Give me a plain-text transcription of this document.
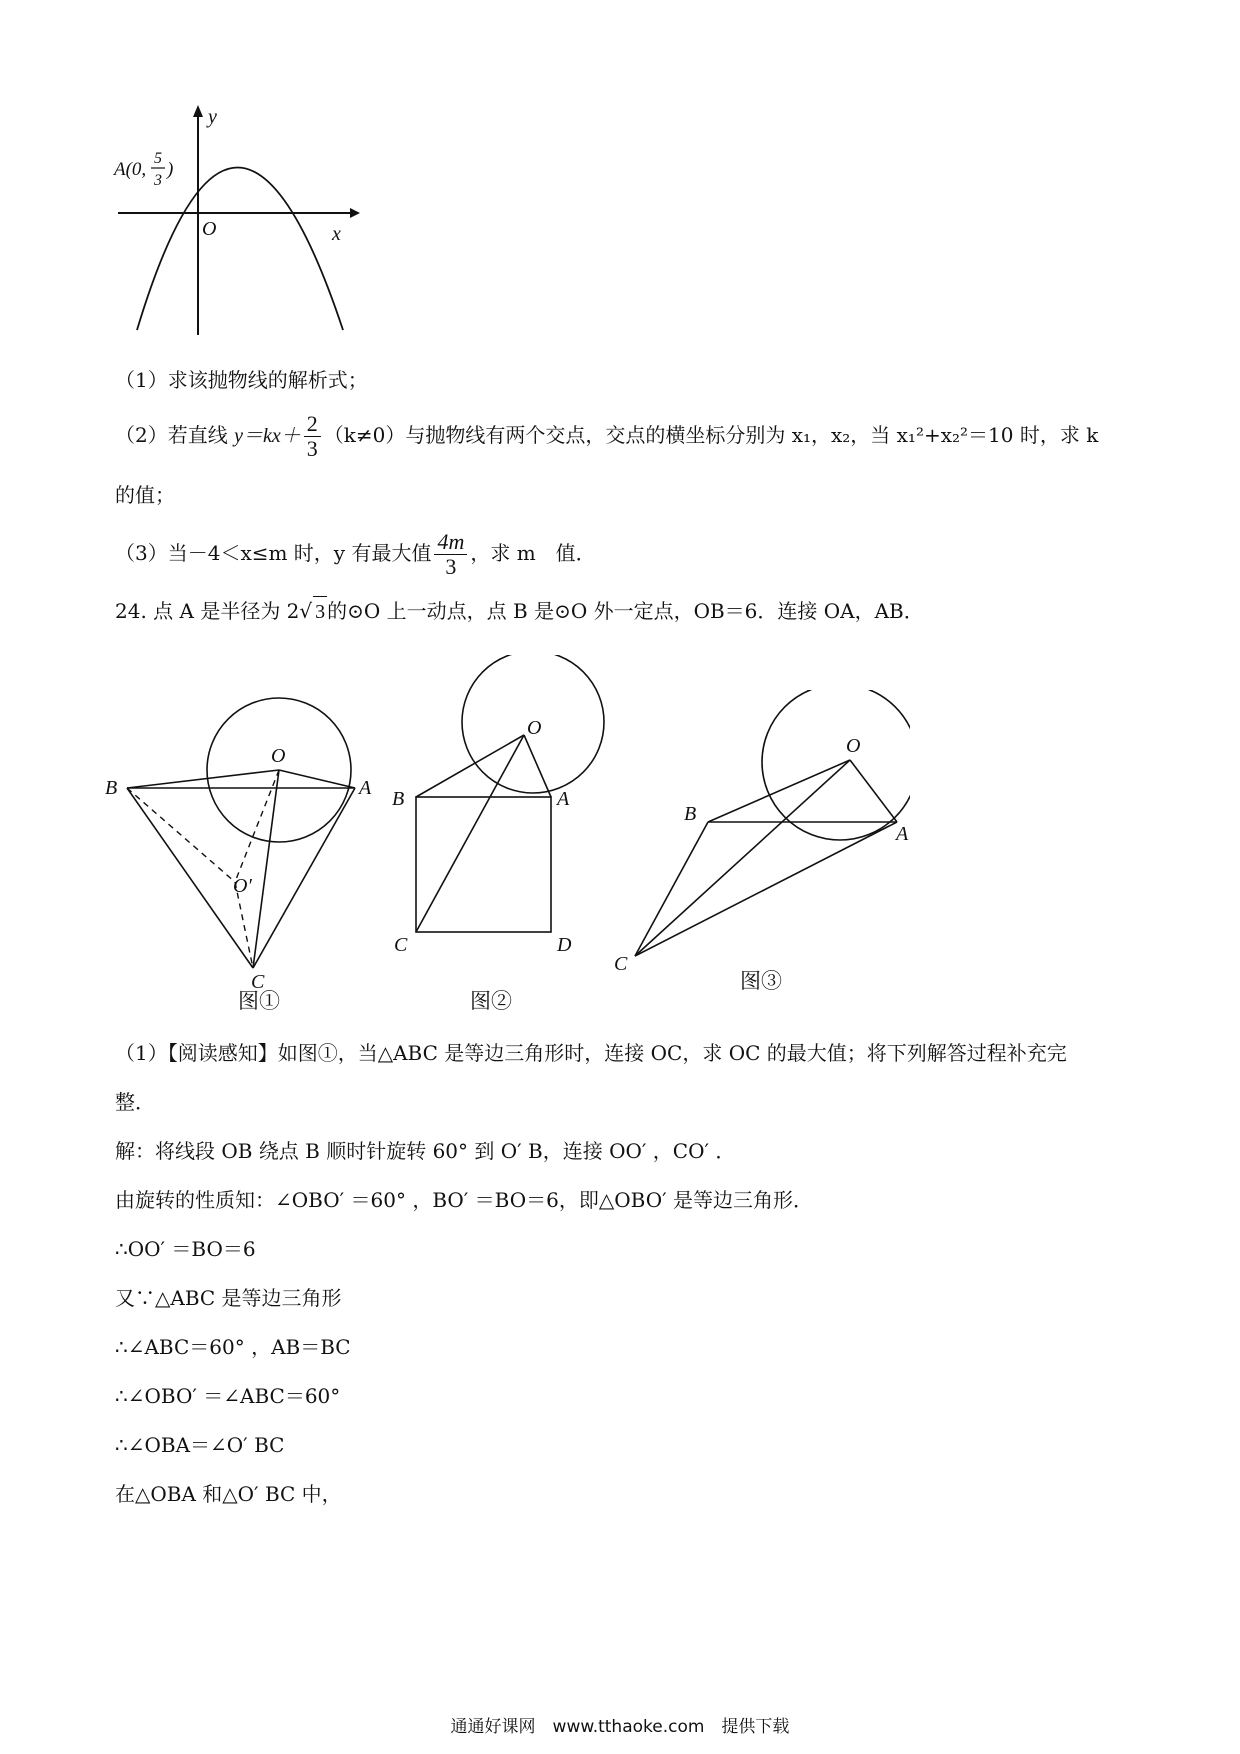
y
x
O
A(0,
5
3
)
（1）求该抛物线的解析式；
（2）若直线 $y=kx+ \frac{2}{3} (k\ne 0)$与抛物线有两个交点，交点的横坐标分别为 x₁，x₂，当 x₁²+x₂²＝10 时，求 k
的值；
（3）当－4＜x≤m 时，y 有最大值 $\frac{4m}{3}$ ，求 m　值．
24. 点 A 是半径为 2√ 3 的⊙O 上一动点，点 B 是⊙O 外一定点，OB＝6．连接 OA，AB．
O
B	A
C
O′
图①
O
B	A
C	D
图②
O
B
A
C
图③
（1）【阅读感知】如图①，当△ABC 是等边三角形时，连接 OC，求 OC 的最大值；将下列解答过程补充完
整．
解：将线段 OB 绕点 B 顺时针旋转 60° 到 O′ B，连接 OO′ ，CO′ ．
由旋转的性质知：∠OBO′ ＝60° ，BO′ ＝BO＝6，即△OBO′ 是等边三角形．
∴OO′ ＝BO＝6
又∵△ABC 是等边三角形
∴∠ABC＝60° ，AB＝BC
∴∠OBO′ ＝∠ABC＝60°
∴∠OBA＝∠O′ BC
在△OBA 和△O′ BC 中，
通通好课网　www.tthaoke.com　提供下载
